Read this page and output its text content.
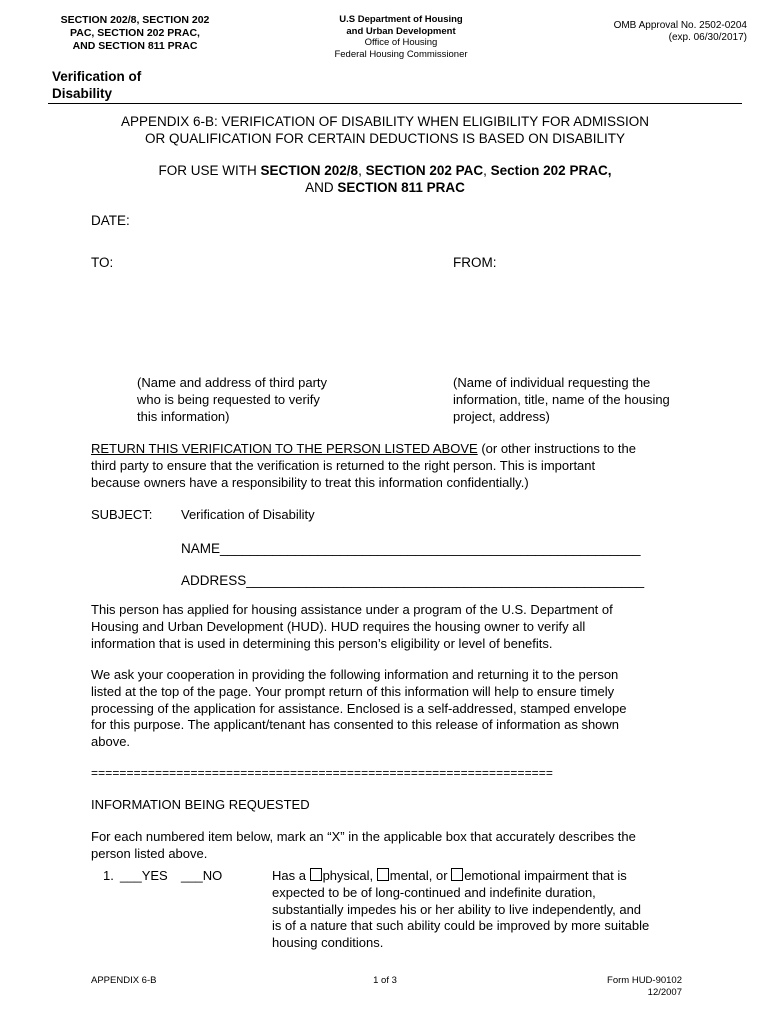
SECTION 202/8, SECTION 202
PAC, SECTION 202 PRAC,
AND SECTION 811 PRAC
U.S Department of Housing
and Urban Development
Office of Housing
Federal Housing Commissioner
OMB Approval No. 2502-0204
(exp. 06/30/2017)
Verification of
Disability
APPENDIX 6-B: VERIFICATION OF DISABILITY WHEN ELIGIBILITY FOR ADMISSION
OR QUALIFICATION FOR CERTAIN DEDUCTIONS IS BASED ON DISABILITY
FOR USE WITH SECTION 202/8, SECTION 202 PAC, Section 202 PRAC,
AND SECTION 811 PRAC
DATE:
TO:	FROM:
(Name and address of third party
who is being requested to verify
this information)
(Name of individual requesting the
information, title, name of the housing
project, address)
RETURN THIS VERIFICATION TO THE PERSON LISTED ABOVE (or other instructions to the
third party to ensure that the verification is returned to the right person. This is important
because owners have a responsibility to treat this information confidentially.)
SUBJECT: Verification of Disability
NAME________________________________________________________
ADDRESS_____________________________________________________
This person has applied for housing assistance under a program of the U.S. Department of
Housing and Urban Development (HUD). HUD requires the housing owner to verify all
information that is used in determining this person’s eligibility or level of benefits.
We ask your cooperation in providing the following information and returning it to the person
listed at the top of the page. Your prompt return of this information will help to ensure timely
processing of the application for assistance. Enclosed is a self-addressed, stamped envelope
for this purpose. The applicant/tenant has consented to this release of information as shown
above.
=================================================================
INFORMATION BEING REQUESTED
For each numbered item below, mark an “X” in the applicable box that accurately describes the
person listed above.
1. ___YES ___NO	Has a physical, mental, or emotional impairment that is
expected to be of long-continued and indefinite duration,
substantially impedes his or her ability to live independently, and
is of a nature that such ability could be improved by more suitable
housing conditions.
APPENDIX 6-B	1 of 3	Form HUD-90102
12/2007
